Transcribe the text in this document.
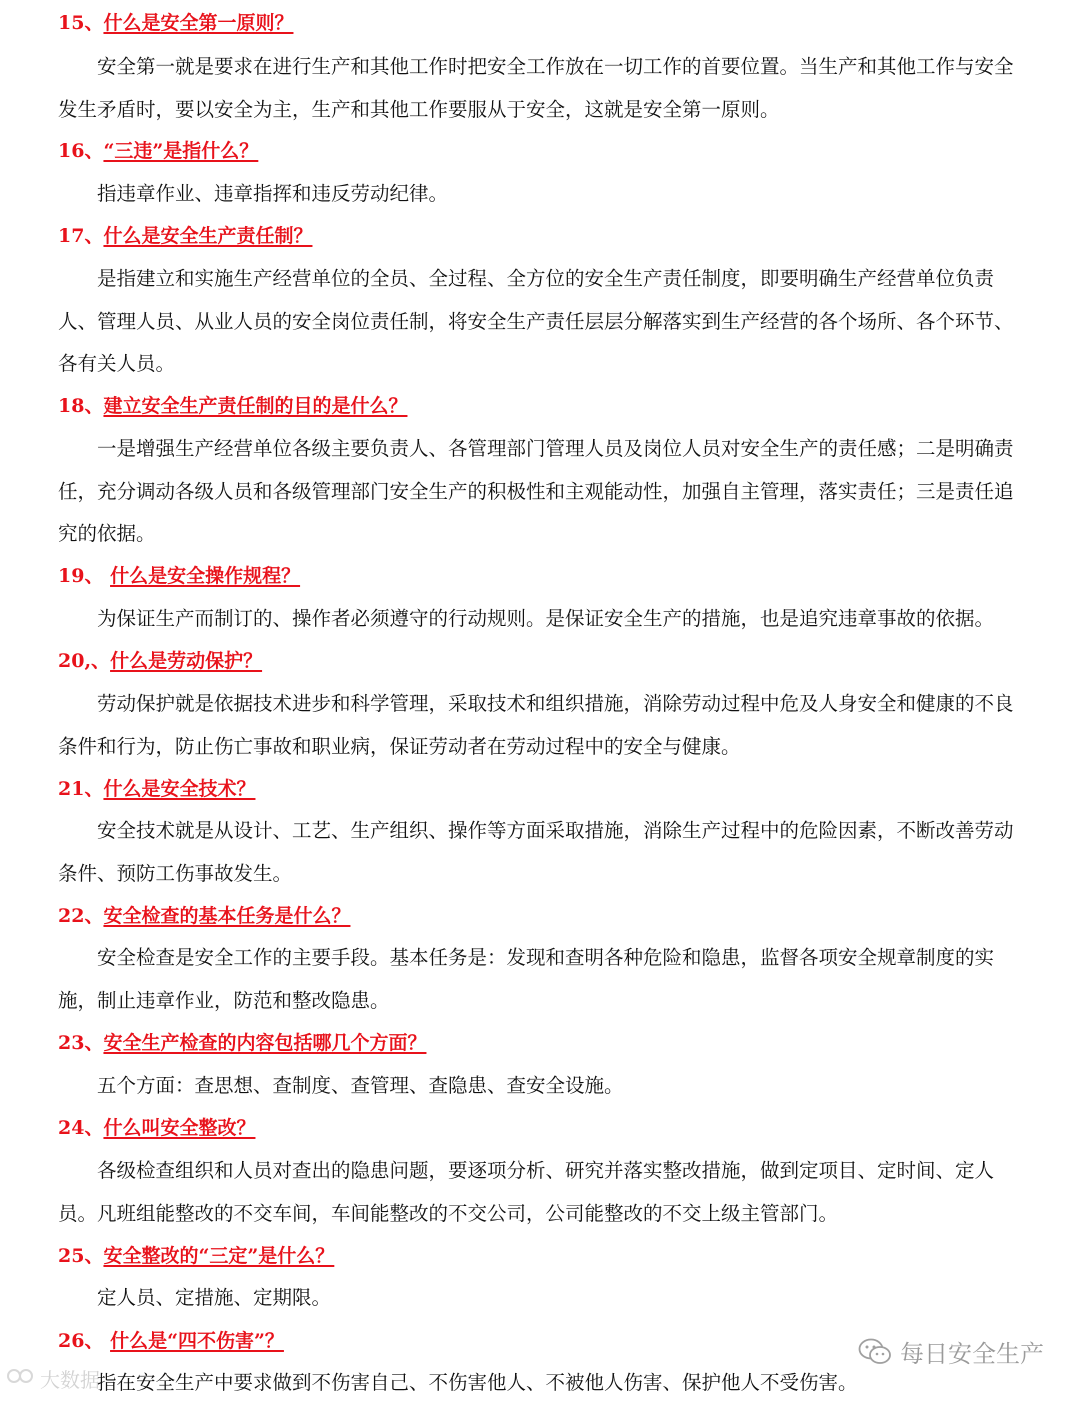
15、什么是安全第一原则？

安全第一就是要求在进行生产和其他工作时把安全工作放在一切工作的首要位置。当生产和其他工作与安全发生矛盾时，要以安全为主，生产和其他工作要服从于安全，这就是安全第一原则。

16、“三违”是指什么？

指违章作业、违章指挥和违反劳动纪律。

17、什么是安全生产责任制？

是指建立和实施生产经营单位的全员、全过程、全方位的安全生产责任制度，即要明确生产经营单位负责人、管理人员、从业人员的安全岗位责任制，将安全生产责任层层分解落实到生产经营的各个场所、各个环节、各有关人员。

18、建立安全生产责任制的目的是什么？

一是增强生产经营单位各级主要负责人、各管理部门管理人员及岗位人员对安全生产的责任感；二是明确责任，充分调动各级人员和各级管理部门安全生产的积极性和主观能动性，加强自主管理，落实责任；三是责任追究的依据。

19、 什么是安全操作规程？

为保证生产而制订的、操作者必须遵守的行动规则。是保证安全生产的措施，也是追究违章事故的依据。

20,、什么是劳动保护？

劳动保护就是依据技术进步和科学管理，采取技术和组织措施，消除劳动过程中危及人身安全和健康的不良条件和行为，防止伤亡事故和职业病，保证劳动者在劳动过程中的安全与健康。

21、什么是安全技术？

安全技术就是从设计、工艺、生产组织、操作等方面采取措施，消除生产过程中的危险因素，不断改善劳动条件、预防工伤事故发生。

22、安全检查的基本任务是什么？

安全检查是安全工作的主要手段。基本任务是：发现和查明各种危险和隐患，监督各项安全规章制度的实施，制止违章作业，防范和整改隐患。

23、安全生产检查的内容包括哪几个方面？

五个方面：查思想、查制度、查管理、查隐患、查安全设施。

24、什么叫安全整改？

各级检查组织和人员对查出的隐患问题，要逐项分析、研究并落实整改措施，做到定项目、定时间、定人员。凡班组能整改的不交车间，车间能整改的不交公司，公司能整改的不交上级主管部门。

25、安全整改的“三定”是什么？

定人员、定措施、定期限。

26、 什么是“四不伤害”？

指在安全生产中要求做到不伤害自己、不伤害他人、不被他人伤害、保护他人不受伤害。

每日安全生产
大数据
